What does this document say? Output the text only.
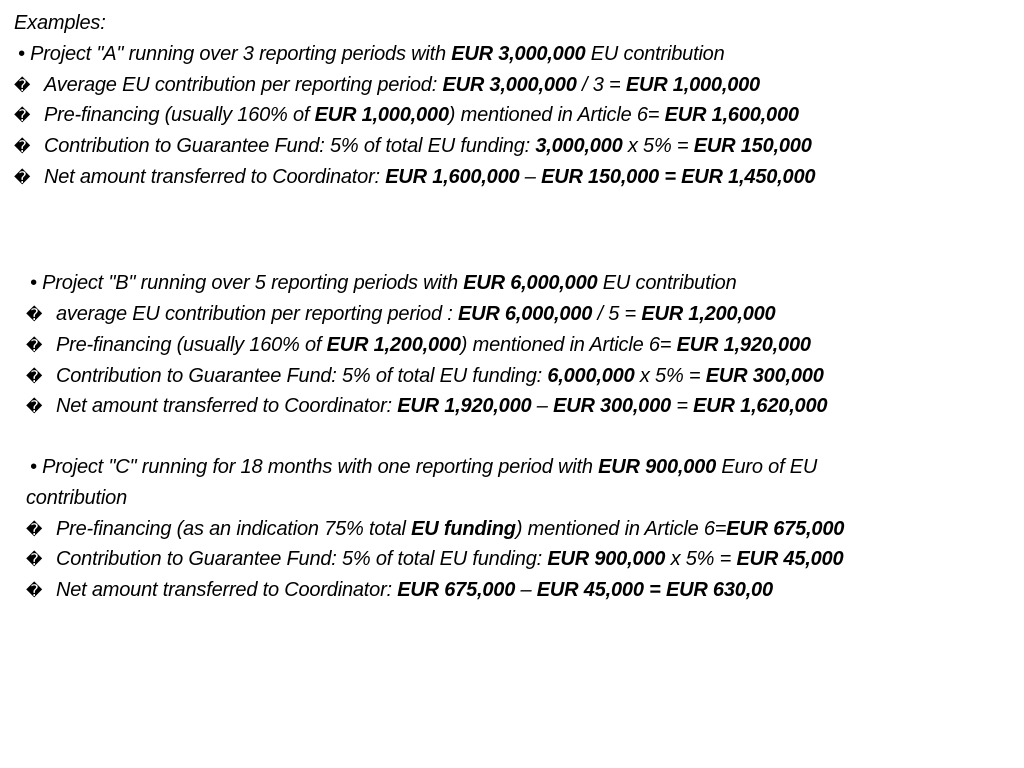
Examples:
• Project "A" running over 3 reporting periods with EUR 3,000,000 EU contribution
� Average EU contribution per reporting period: EUR 3,000,000 / 3 = EUR 1,000,000
� Pre-financing (usually 160% of EUR 1,000,000) mentioned in Article 6= EUR 1,600,000
� Contribution to Guarantee Fund: 5% of total EU funding: 3,000,000 x 5% = EUR 150,000
� Net amount transferred to Coordinator: EUR 1,600,000 – EUR 150,000 = EUR 1,450,000
• Project "B" running over 5 reporting periods with EUR 6,000,000 EU contribution
� average EU contribution per reporting period : EUR 6,000,000 / 5 = EUR 1,200,000
� Pre-financing (usually 160% of EUR 1,200,000) mentioned in Article 6= EUR 1,920,000
� Contribution to Guarantee Fund: 5% of total EU funding: 6,000,000 x 5% = EUR 300,000
� Net amount transferred to Coordinator: EUR 1,920,000 – EUR 300,000 = EUR 1,620,000
• Project "C" running for 18 months with one reporting period with EUR 900,000 Euro of EU
contribution
� Pre-financing (as an indication 75% total EU funding) mentioned in Article 6=EUR 675,000
� Contribution to Guarantee Fund: 5% of total EU funding: EUR 900,000 x 5% = EUR 45,000
� Net amount transferred to Coordinator: EUR 675,000 – EUR 45,000 = EUR 630,00
